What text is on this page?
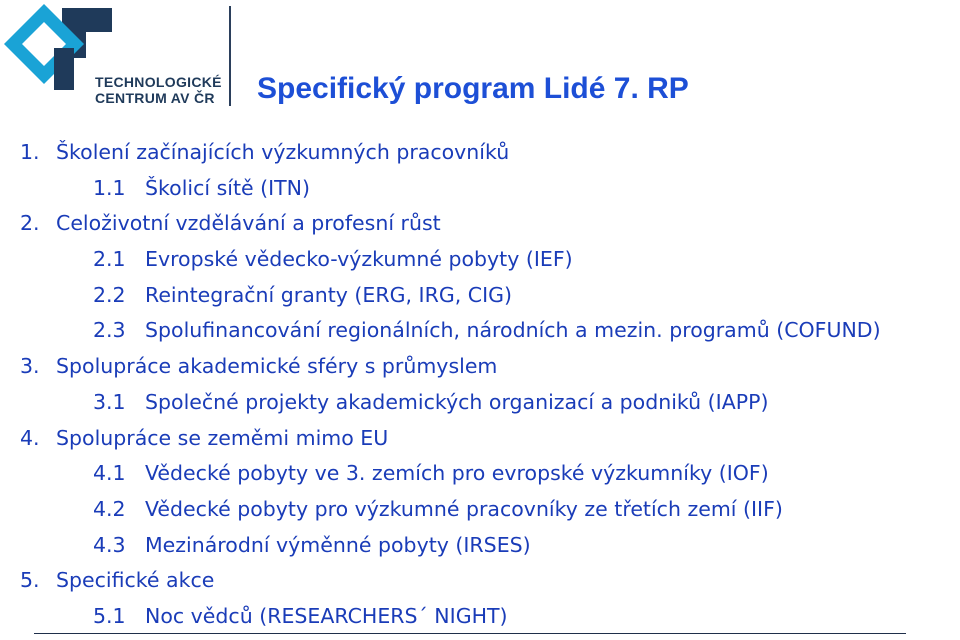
TECHNOLOGICKÉ
CENTRUM AV ČR Specifický program Lidé 7. RP
1. Školení začínajících výzkumných pracovníků
1.1 Školicí sítě (ITN)
2. Celoživotní vzdělávání a profesní růst
2.1 Evropské vědecko-výzkumné pobyty (IEF)
2.2 Reintegrační granty (ERG, IRG, CIG)
2.3 Spolufinancování regionálních, národních a mezin. programů (COFUND)
3. Spolupráce akademické sféry s průmyslem
3.1 Společné projekty akademických organizací a podniků (IAPP)
4. Spolupráce se zeměmi mimo EU
4.1 Vědecké pobyty ve 3. zemích pro evropské výzkumníky (IOF)
4.2 Vědecké pobyty pro výzkumné pracovníky ze třetích zemí (IIF)
4.3 Mezinárodní výměnné pobyty (IRSES)
5. Specifické akce
5.1 Noc vědců (RESEARCHERS´ NIGHT)
